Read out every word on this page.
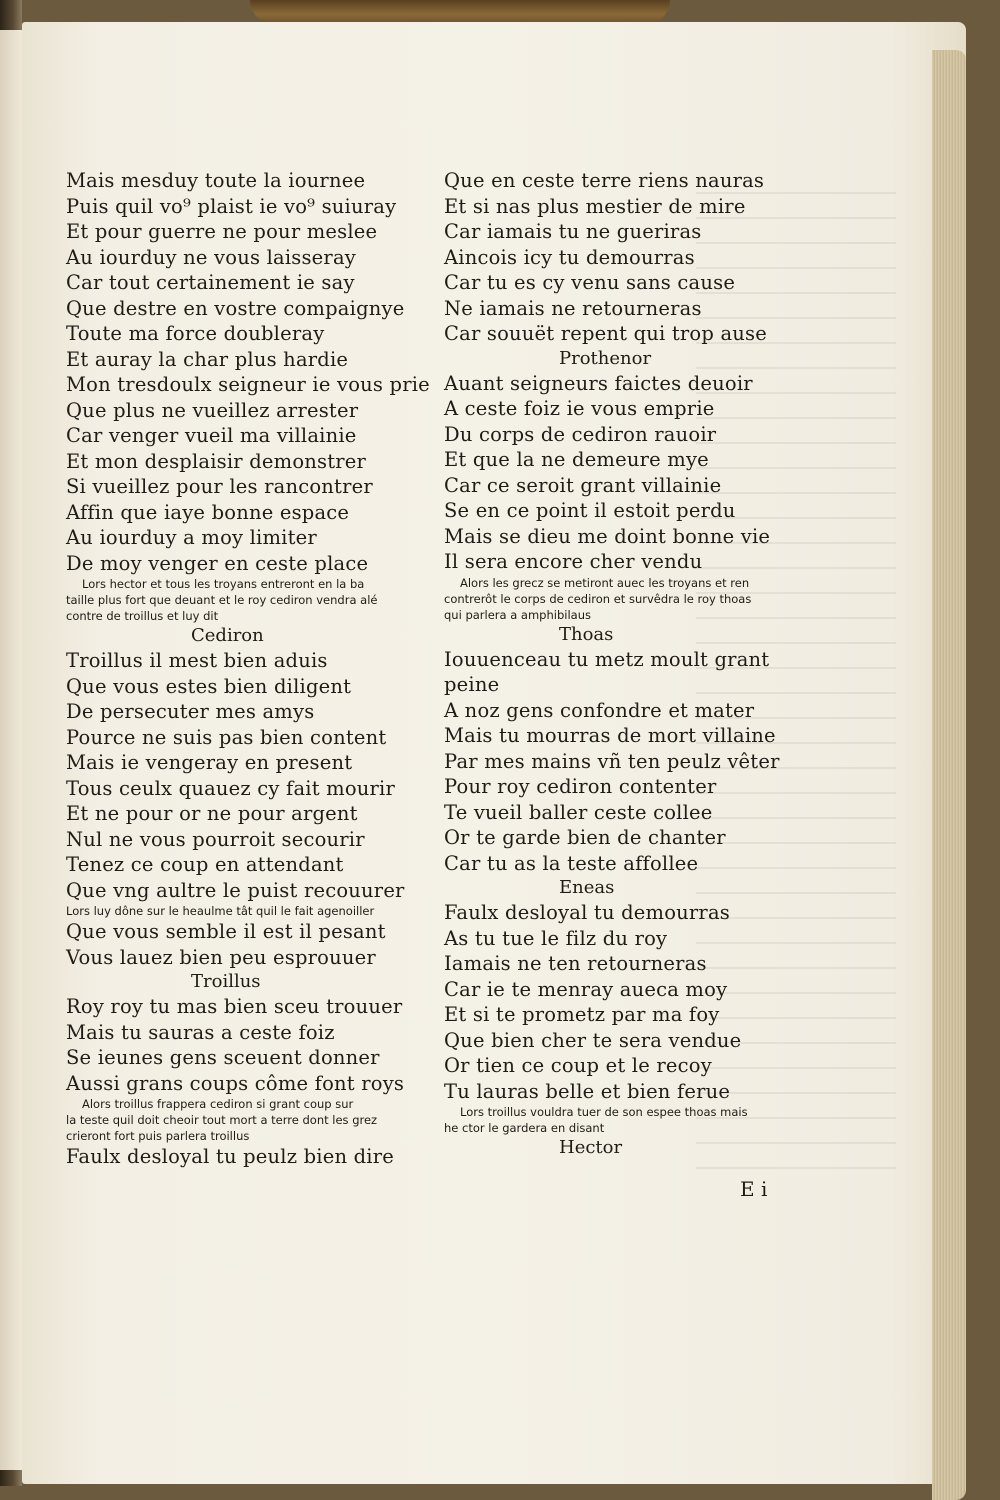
Mais mesduy toute la iournee
Puis quil vo⁹ plaist ie vo⁹ suiuray
Et pour guerre ne pour meslee
Au iourduy ne vous laisseray
Car tout certainement ie say
Que destre en vostre compaignye
Toute ma force doubleray
Et auray la char plus hardie
Mon tresdoulx seigneur ie vous prie
Que plus ne vueillez arrester
Car venger vueil ma villainie
Et mon desplaisir demonstrer
Si vueillez pour les rancontrer
Affin que iaye bonne espace
Au iourduy a moy limiter
De moy venger en ceste place
Lors hector et tous les troyans entreront en la ba
taille plus fort que deuant et le roy cediron vendra alé
contre de troillus et luy dit
Cediron
Troillus il mest bien aduis
Que vous estes bien diligent
De persecuter mes amys
Pource ne suis pas bien content
Mais ie vengeray en present
Tous ceulx quauez cy fait mourir
Et ne pour or ne pour argent
Nul ne vous pourroit secourir
Tenez ce coup en attendant
Que vng aultre le puist recouurer
Lors luy dône sur le heaulme tât quil le fait agenoiller
Que vous semble il est il pesant
Vous lauez bien peu esprouuer
Troillus
Roy roy tu mas bien sceu trouuer
Mais tu sauras a ceste foiz
Se ieunes gens sceuent donner
Aussi grans coups côme font roys
Alors troillus frappera cediron si grant coup sur
la teste quil doit cheoir tout mort a terre dont les grez
crieront fort puis parlera troillus
Faulx desloyal tu peulz bien dire
Que en ceste terre riens nauras
Et si nas plus mestier de mire
Car iamais tu ne gueriras
Aincois icy tu demourras
Car tu es cy venu sans cause
Ne iamais ne retourneras
Car souuët repent qui trop ause
Prothenor
Auant seigneurs faictes deuoir
A ceste foiz ie vous emprie
Du corps de cediron rauoir
Et que la ne demeure mye
Car ce seroit grant villainie
Se en ce point il estoit perdu
Mais se dieu me doint bonne vie
Il sera encore cher vendu
Alors les grecz se metiront auec les troyans et ren
contrerôt le corps de cediron et survêdra le roy thoas
qui parlera a amphibilaus
Thoas
Iouuenceau tu metz moult grant
peine
A noz gens confondre et mater
Mais tu mourras de mort villaine
Par mes mains vñ ten peulz vêter
Pour roy cediron contenter
Te vueil baller ceste collee
Or te garde bien de chanter
Car tu as la teste affollee
Eneas
Faulx desloyal tu demourras
As tu tue le filz du roy
Iamais ne ten retourneras
Car ie te menray aueca moy
Et si te prometz par ma foy
Que bien cher te sera vendue
Or tien ce coup et le recoy
Tu lauras belle et bien ferue
Lors troillus vouldra tuer de son espee thoas mais
he ctor le gardera en disant
Hector
E i
